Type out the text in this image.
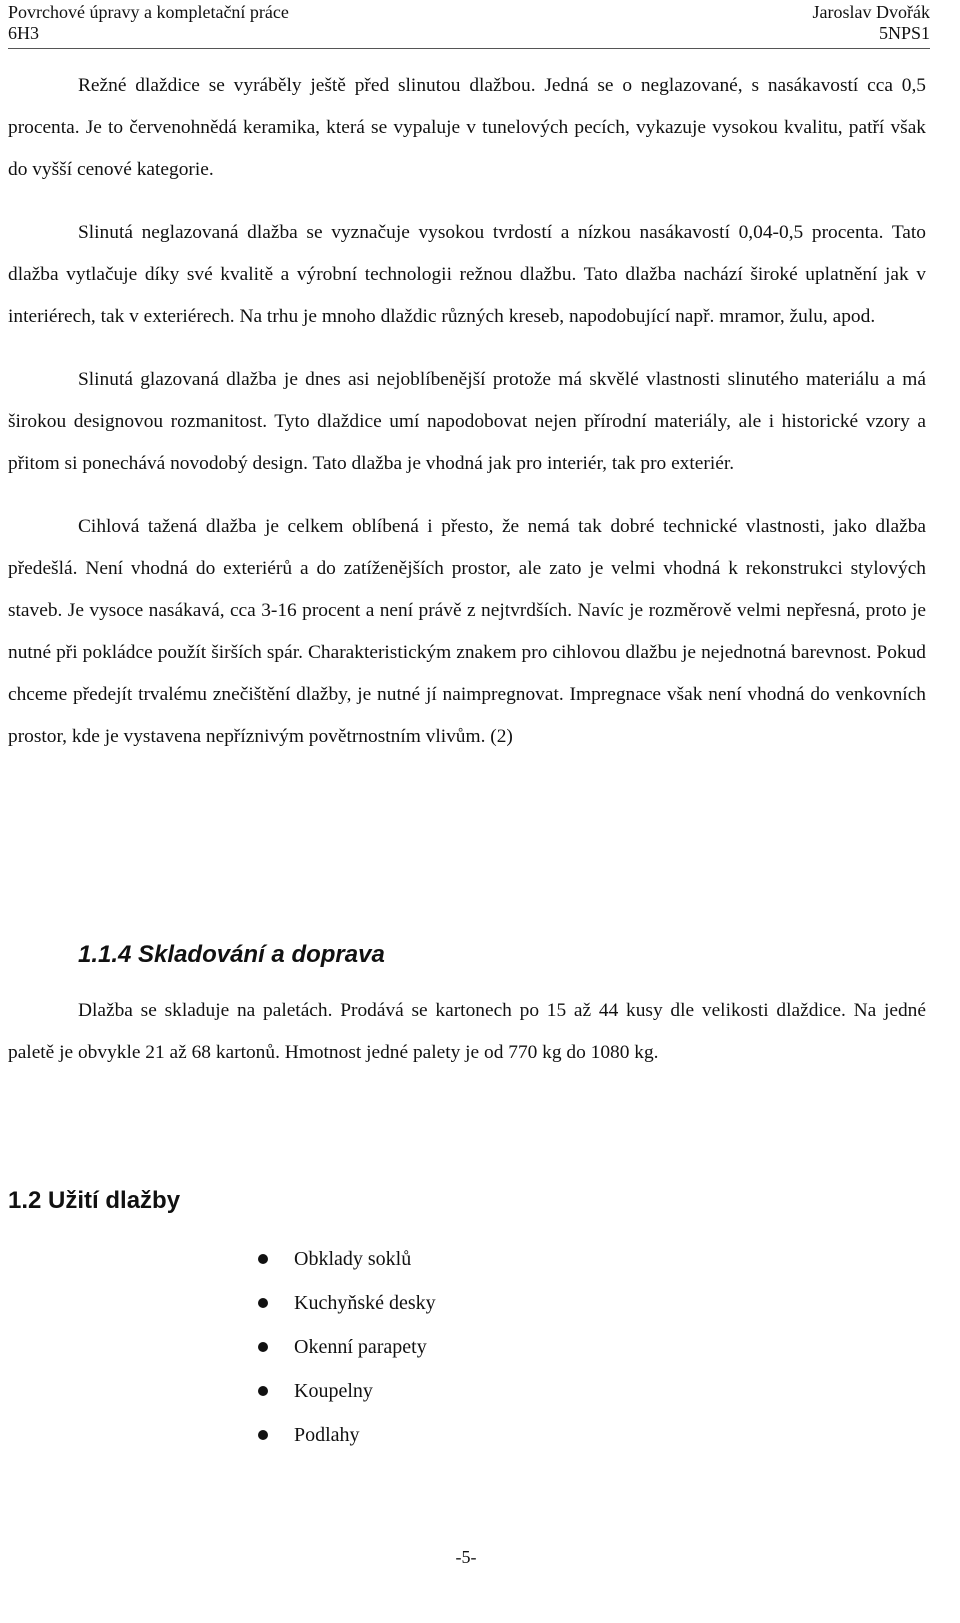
Povrchové úpravy a kompletační práce	Jaroslav Dvořák
6H3	5NPS1

Režné dlaždice se vyráběly ještě před slinutou dlažbou. Jedná se o neglazované, s nasákavostí cca 0,5 procenta. Je to červenohnědá keramika, která se vypaluje v tunelových pecích, vykazuje vysokou kvalitu, patří však do vyšší cenové kategorie.

Slinutá neglazovaná dlažba se vyznačuje vysokou tvrdostí a nízkou nasákavostí 0,04-0,5 procenta. Tato dlažba vytlačuje díky své kvalitě a výrobní technologii režnou dlažbu. Tato dlažba nachází široké uplatnění jak v interiérech, tak v exteriérech. Na trhu je mnoho dlaždic různých kreseb, napodobující např. mramor, žulu, apod.

Slinutá glazovaná dlažba je dnes asi nejoblíbenější protože má skvělé vlastnosti slinutého materiálu a má širokou designovou rozmanitost. Tyto dlaždice umí napodobovat nejen přírodní materiály, ale i historické vzory a přitom si ponechává novodobý design. Tato dlažba je vhodná jak pro interiér, tak pro exteriér.

Cihlová tažená dlažba je celkem oblíbená i přesto, že nemá tak dobré technické vlastnosti, jako dlažba předešlá. Není vhodná do exteriérů a do zatíženějších prostor, ale zato je velmi vhodná k rekonstrukci stylových staveb. Je vysoce nasákavá, cca 3-16 procent a není právě z nejtvrdších. Navíc je rozměrově velmi nepřesná, proto je nutné při pokládce použít širších spár. Charakteristickým znakem pro cihlovou dlažbu je nejednotná barevnost. Pokud chceme předejít trvalému znečištění dlažby, je nutné jí naimpregnovat. Impregnace však není vhodná do venkovních prostor, kde je vystavena nepříznivým povětrnostním vlivům. (2)

1.1.4 Skladování a doprava

Dlažba se skladuje na paletách. Prodává se kartonech po 15 až 44 kusy dle velikosti dlaždice. Na jedné paletě je obvykle 21 až 68 kartonů. Hmotnost jedné palety je od 770 kg do 1080 kg.

1.2 Užití dlažby
Obklady soklů
Kuchyňské desky
Okenní parapety
Koupelny
Podlahy
-5-
